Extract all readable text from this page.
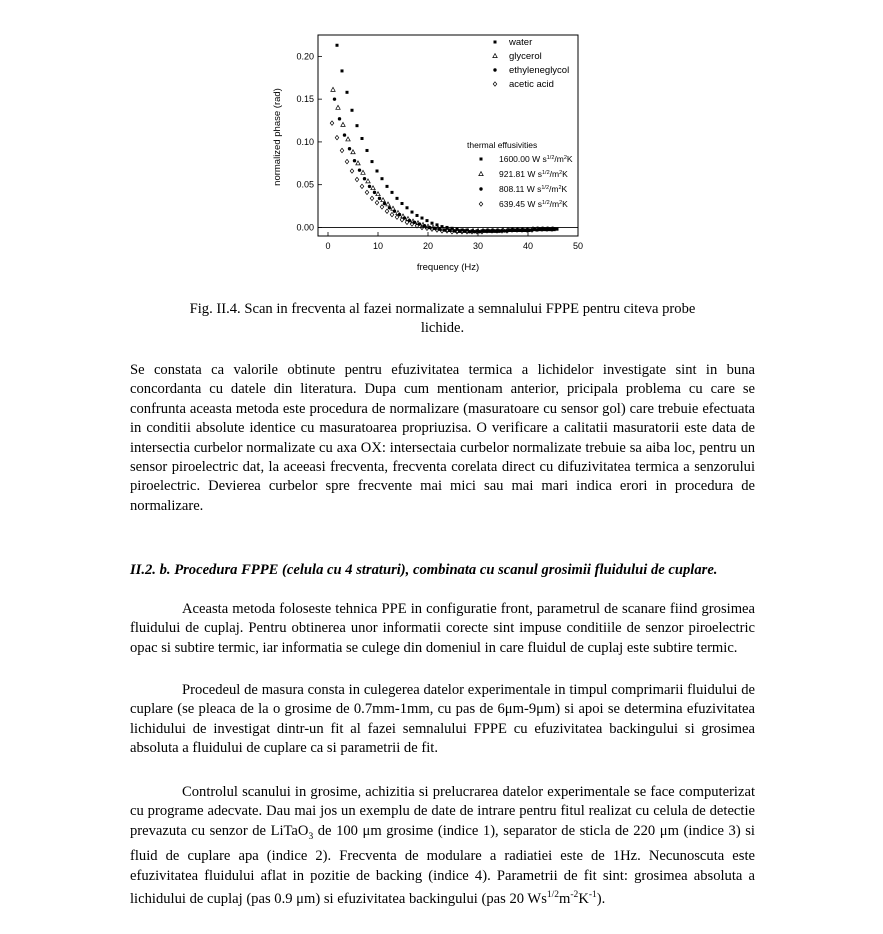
0	10	20	30	40	50
0.00
0.05
0.10
0.15
0.20
water
glycerol
ethyleneglycol
acetic acid
thermal effusivities
1600.00 W $s^{1/2}/m^2K$
921.81 W $s^{1/2}/m^2K$
808.11 W $s^{1/2}/m^2K$
639.45 W $s^{1/2}/m^2K$
frequency (Hz)
normalized phase (rad)
Fig. II.4. Scan in frecventa al fazei normalizate a semnalului FPPE pentru citeva probe
lichide.

Se constata ca valorile obtinute pentru efuzivitatea termica a lichidelor investigate sint in buna concordanta cu datele din literatura. Dupa cum mentionam anterior, pricipala problema cu care se confrunta aceasta metoda este procedura de normalizare (masuratoare cu sensor gol) care trebuie efectuata in conditii absolute identice cu masuratoarea propriuzisa. O verificare a calitatii masuratorii este data de intersectia curbelor normalizate cu axa OX: intersectaia curbelor normalizate trebuie sa aiba loc, pentru un sensor piroelectric dat, la aceeasi frecventa, frecventa corelata direct cu difuzivitatea termica a senzorului piroelectric. Devierea curbelor spre frecvente mai mici sau mai mari indica erori in procedura de normalizare.

II.2. b. Procedura FPPE (celula cu 4 straturi), combinata cu scanul grosimii fluidului de cuplare.

Aceasta metoda foloseste tehnica PPE in configuratie front, parametrul de scanare fiind grosimea fluidului de cuplaj. Pentru obtinerea unor informatii corecte sint impuse conditiile de senzor piroelectric opac si subtire termic, iar informatia se culege din domeniul in care fluidul de cuplaj este subtire termic.

Procedeul de masura consta in culegerea datelor experimentale in timpul comprimarii fluidului de cuplare (se pleaca de la o grosime de 0.7mm-1mm, cu pas de 6μm-9μm) si apoi se determina efuzivitatea lichidului de investigat dintr-un fit al fazei semnalului FPPE cu efuzivitatea backingului si grosimea absoluta a fluidului de cuplare ca si parametrii de fit.

Controlul scanului in grosime, achizitia si prelucrarea datelor experimentale se face computerizat cu programe adecvate. Dau mai jos un exemplu de date de intrare pentru fitul realizat cu celula de detectie prevazuta cu senzor de LiTaO$_3$ de 100 μm grosime (indice 1), separator de sticla de 220 μm (indice 3) si fluid de cuplare apa (indice 2). Frecventa de modulare a radiatiei este de 1Hz. Necunoscuta este efuzivitatea fluidului aflat in pozitie de backing (indice 4). Parametrii de fit sint: grosimea absoluta a lichidului de cuplaj (pas 0.9 μm) si efuzivitatea backingului (pas 20 $Ws^{1/2}m^{-2}K^{-1}$).
